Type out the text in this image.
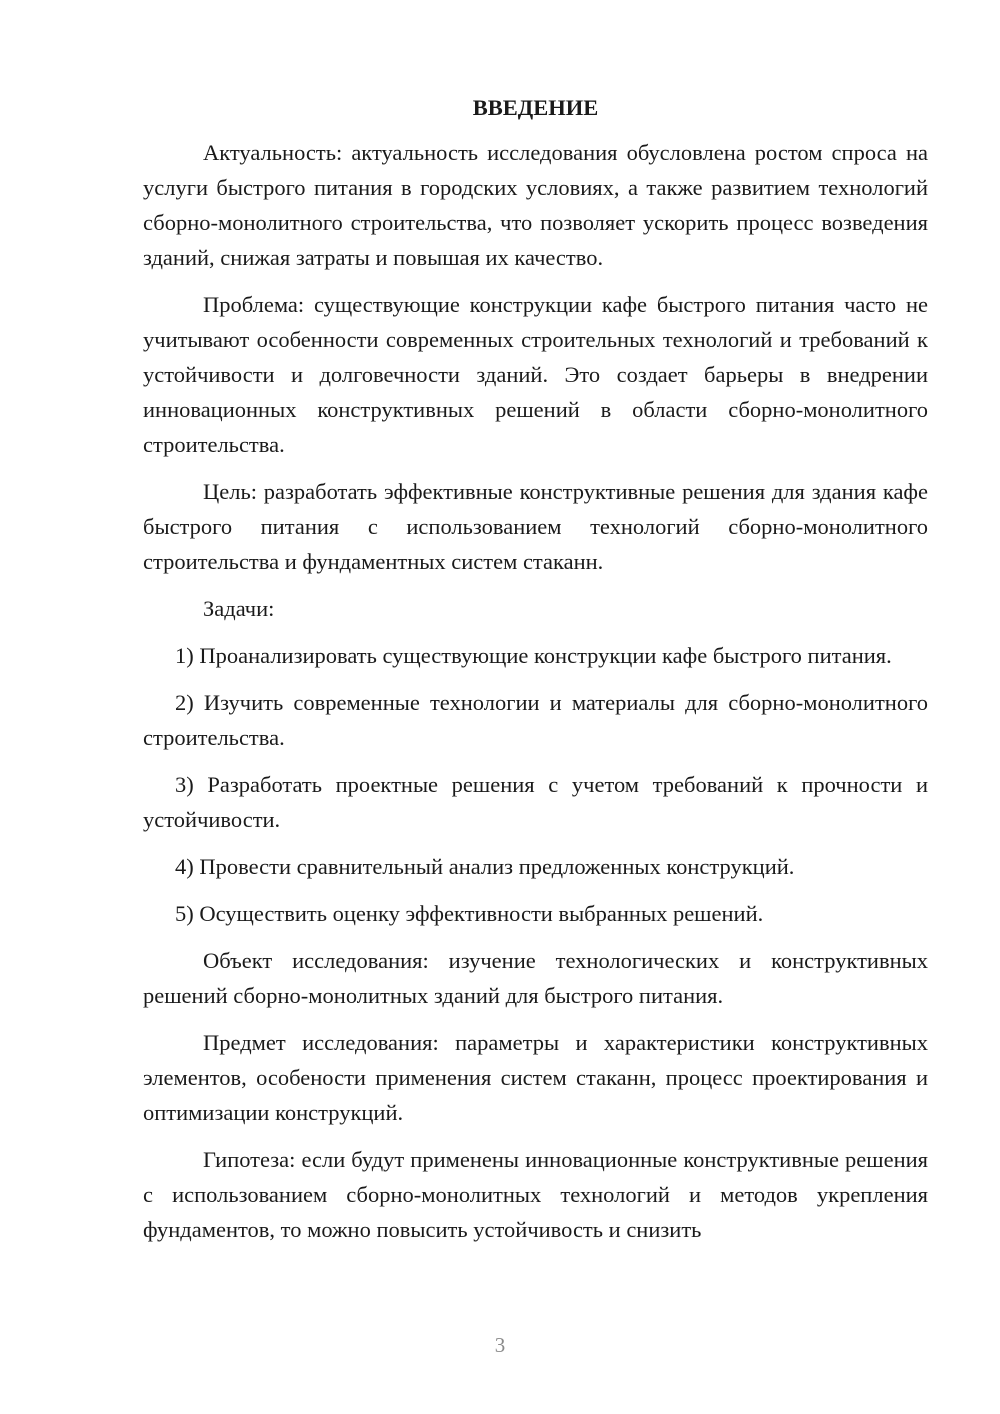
ВВЕДЕНИЕ

Актуальность: актуальность исследования обусловлена ростом спроса на услуги быстрого питания в городских условиях, а также развитием технологий сборно-монолитного строительства, что позволяет ускорить процесс возведения зданий, снижая затраты и повышая их качество.

Проблема: существующие конструкции кафе быстрого питания часто не учитывают особенности современных строительных технологий и требований к устойчивости и долговечности зданий. Это создает барьеры в внедрении инновационных конструктивных решений в области сборно-монолитного строительства.

Цель: разработать эффективные конструктивные решения для здания кафе быстрого питания с использованием технологий сборно-монолитного строительства и фундаментных систем стаканн.

Задачи:

1) Проанализировать существующие конструкции кафе быстрого питания.

2) Изучить современные технологии и материалы для сборно-монолитного строительства.

3) Разработать проектные решения с учетом требований к прочности и устойчивости.

4) Провести сравнительный анализ предложенных конструкций.

5) Осуществить оценку эффективности выбранных решений.

Объект исследования: изучение технологических и конструктивных решений сборно-монолитных зданий для быстрого питания.

Предмет исследования: параметры и характеристики конструктивных элементов, особености применения систем стаканн, процесс проектирования и оптимизации конструкций.

Гипотеза: если будут применены инновационные конструктивные решения с использованием сборно-монолитных технологий и методов укрепления фундаментов, то можно повысить устойчивость и снизить

3
